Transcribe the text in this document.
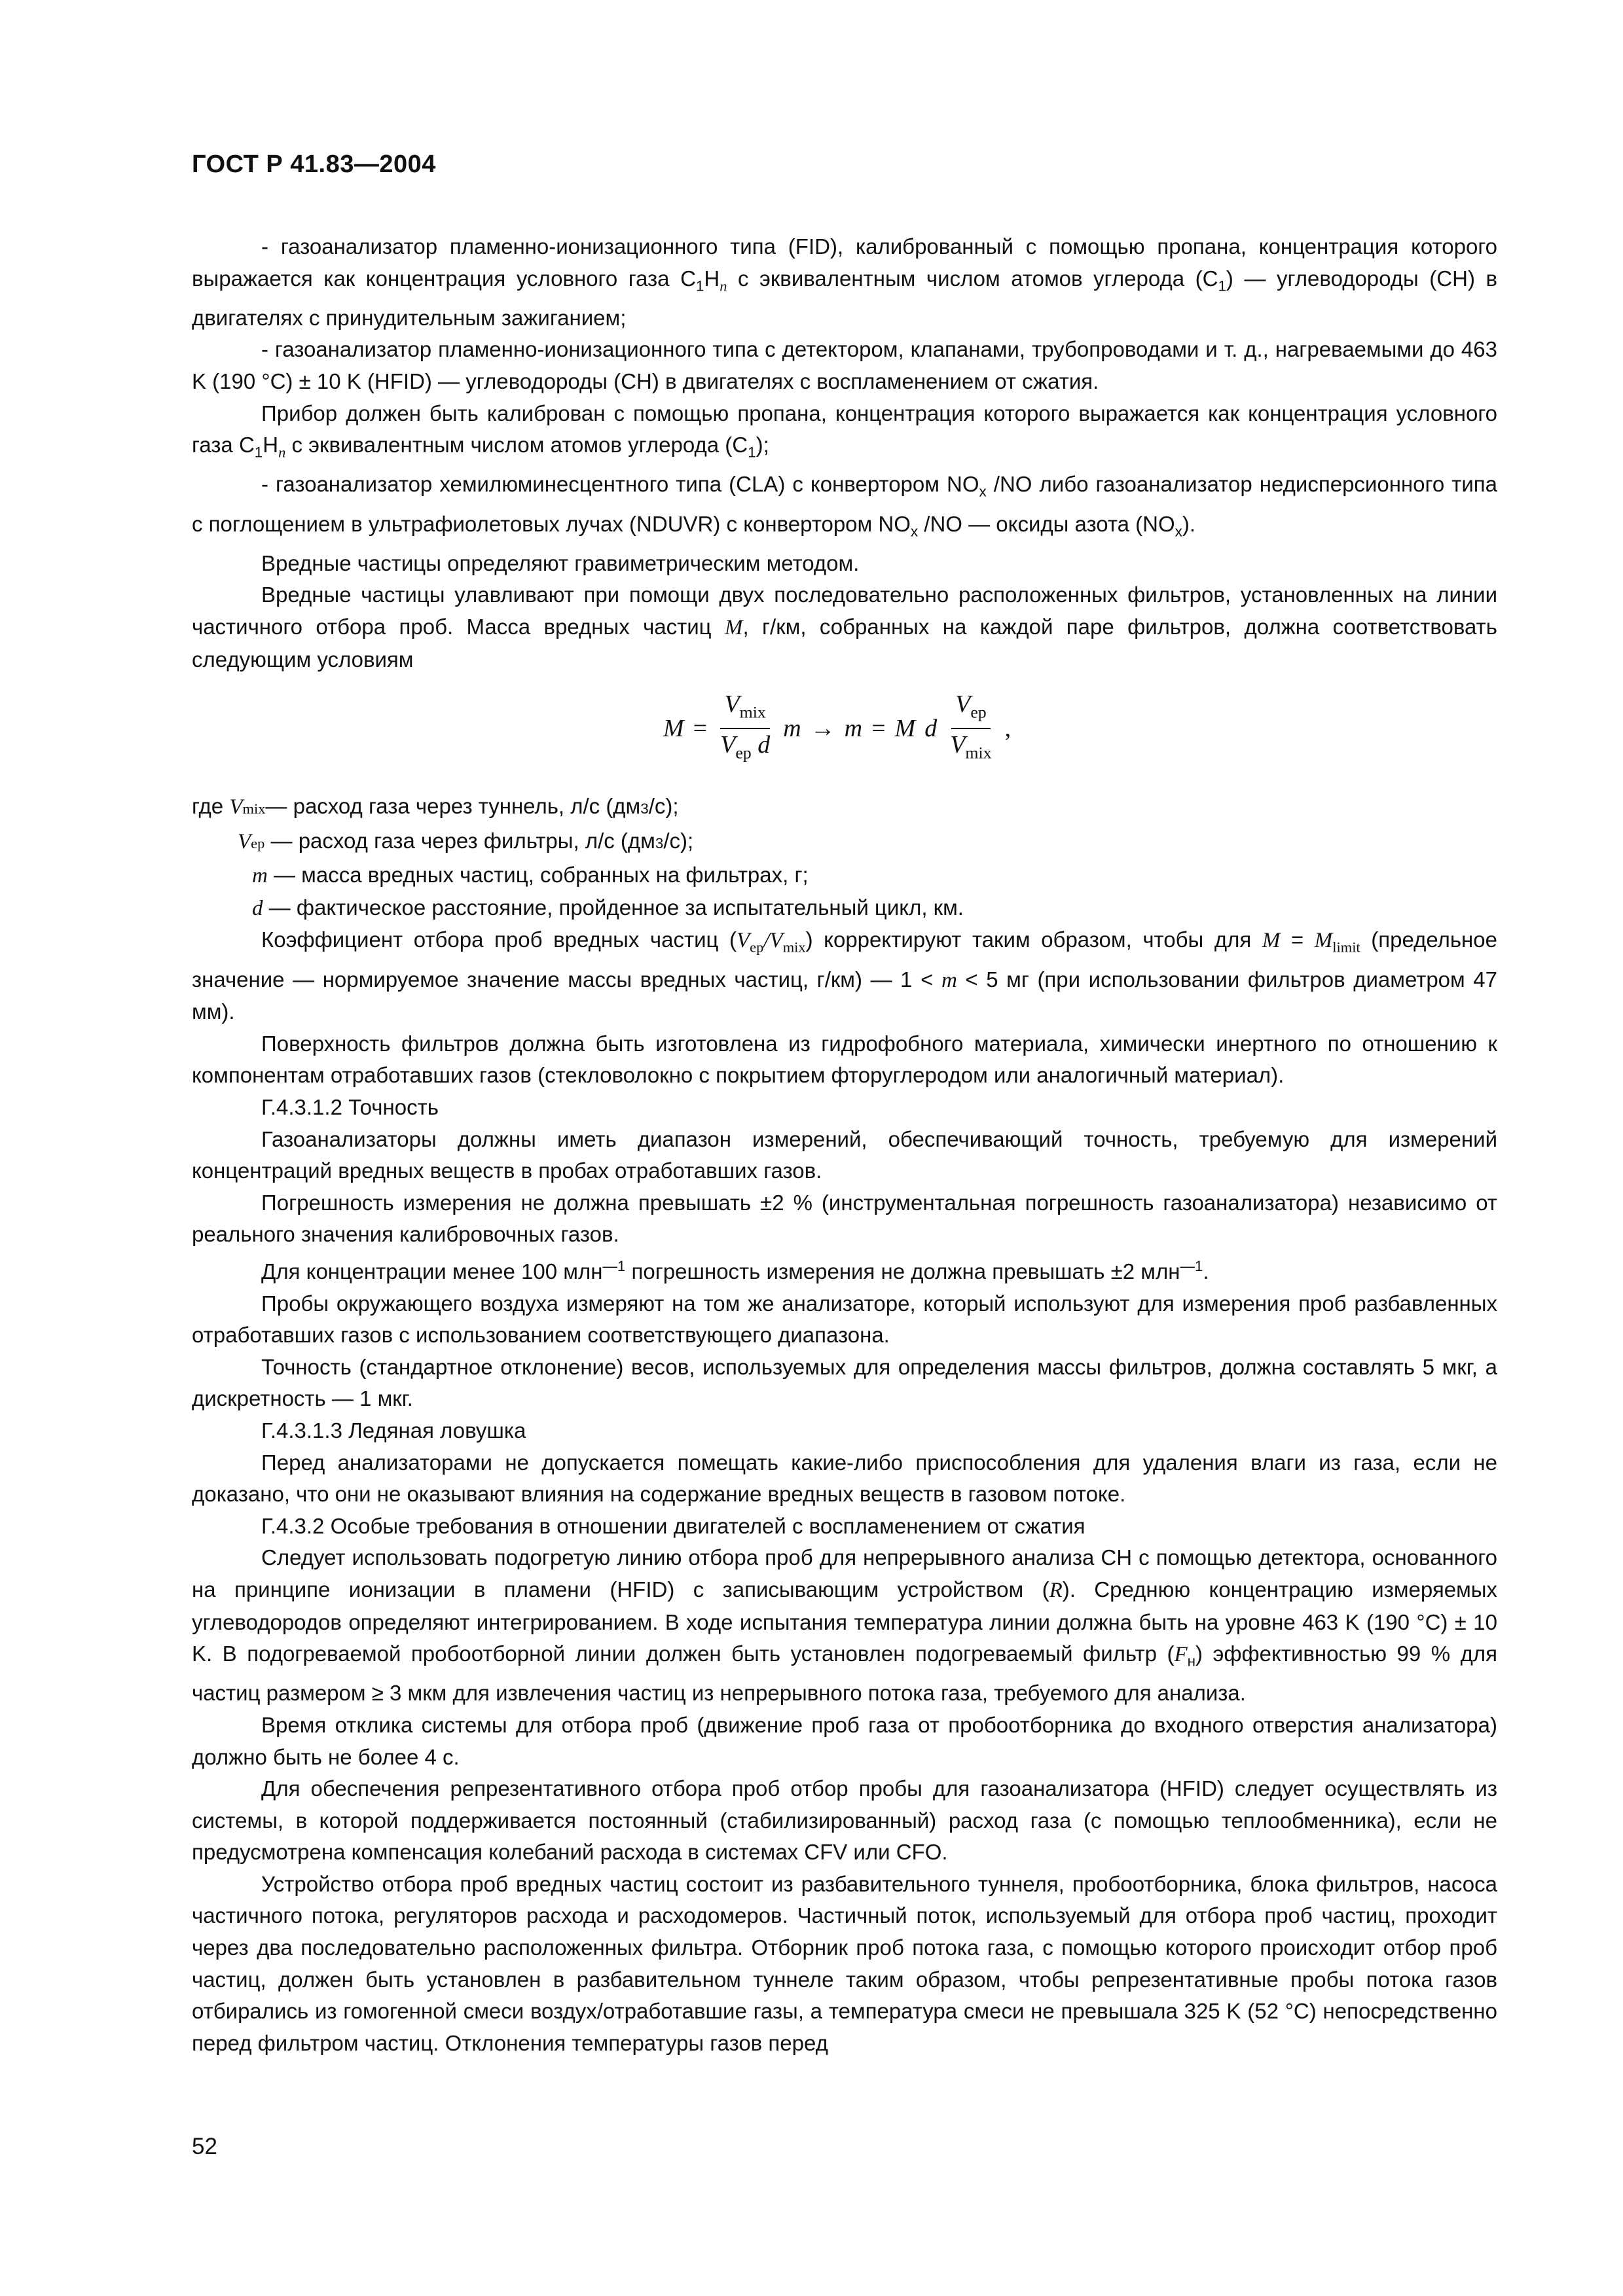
ГОСТ Р 41.83—2004

- газоанализатор пламенно-ионизационного типа (FID), калиброванный с помощью пропана, концентрация которого выражается как концентрация условного газа $C_1H_n$ с эквивалентным числом атомов углерода $(C_1)$ — углеводороды (CH) в двигателях с принудительным зажиганием;

- газоанализатор пламенно-ионизационного типа с детектором, клапанами, трубопроводами и т. д., нагреваемыми до 463 K (190 °C) ± 10 K (HFID) — углеводороды (CH) в двигателях с воспламенением от сжатия.

Прибор должен быть калиброван с помощью пропана, концентрация которого выражается как концентрация условного газа $C_1H_n$ с эквивалентным числом атомов углерода $(C_1)$;

- газоанализатор хемилюминесцентного типа (CLA) с конвертором $NO_x$ /NO либо газоанализатор недисперсионного типа с поглощением в ультрафиолетовых лучах (NDUVR) с конвертором $NO_x$ /NO — оксиды азота $(NO_x)$.

Вредные частицы определяют гравиметрическим методом.

Вредные частицы улавливают при помощи двух последовательно расположенных фильтров, установленных на линии частичного отбора проб. Масса вредных частиц M, г/км, собранных на каждой паре фильтров, должна соответствовать следующим условиям

$M = \frac{V_{mix}}{V_{ep} d}$ m → m = M d $\frac{V_{ep}}{V_{mix}}$ ,
где
V mix — расход газа через туннель, л/с (дм 3 /с);
V ep
— расход газа через фильтры, л/с (дм 3 /с);
m
— масса вредных частиц, собранных на фильтрах, г;
d
— фактическое расстояние, пройденное за испытательный цикл, км.

Коэффициент отбора проб вредных частиц $(V_{ep}/V_{mix})$ корректируют таким образом, чтобы для $M = M_{limit}$ (предельное значение — нормируемое значение массы вредных частиц, г/км) — 1 < m < 5 мг (при использовании фильтров диаметром 47 мм).

Поверхность фильтров должна быть изготовлена из гидрофобного материала, химически инертного по отношению к компонентам отработавших газов (стекловолокно с покрытием фторуглеродом или аналогичный материал).

Г.4.3.1.2 Точность

Газоанализаторы должны иметь диапазон измерений, обеспечивающий точность, требуемую для измерений концентраций вредных веществ в пробах отработавших газов.

Погрешность измерения не должна превышать ±2 % (инструментальная погрешность газоанализатора) независимо от реального значения калибровочных газов.

Для концентрации менее 100 млн$^{—1}$ погрешность измерения не должна превышать ±2 млн$^{—1}$.

Пробы окружающего воздуха измеряют на том же анализаторе, который используют для измерения проб разбавленных отработавших газов с использованием соответствующего диапазона.

Точность (стандартное отклонение) весов, используемых для определения массы фильтров, должна составлять 5 мкг, а дискретность — 1 мкг.

Г.4.3.1.3 Ледяная ловушка

Перед анализаторами не допускается помещать какие-либо приспособления для удаления влаги из газа, если не доказано, что они не оказывают влияния на содержание вредных веществ в газовом потоке.

Г.4.3.2 Особые требования в отношении двигателей с воспламенением от сжатия

Следует использовать подогретую линию отбора проб для непрерывного анализа CH с помощью детектора, основанного на принципе ионизации в пламени (HFID) с записывающим устройством (R). Среднюю концентрацию измеряемых углеводородов определяют интегрированием. В ходе испытания температура линии должна быть на уровне 463 K (190 °C) ± 10 K. В подогреваемой пробоотборной линии должен быть установлен подогреваемый фильтр $(F_н)$ эффективностью 99 % для частиц размером ≥ 3 мкм для извлечения частиц из непрерывного потока газа, требуемого для анализа.

Время отклика системы для отбора проб (движение проб газа от пробоотборника до входного отверстия анализатора) должно быть не более 4 с.

Для обеспечения репрезентативного отбора проб отбор пробы для газоанализатора (HFID) следует осуществлять из системы, в которой поддерживается постоянный (стабилизированный) расход газа (с помощью теплообменника), если не предусмотрена компенсация колебаний расхода в системах CFV или CFO.

Устройство отбора проб вредных частиц состоит из разбавительного туннеля, пробоотборника, блока фильтров, насоса частичного потока, регуляторов расхода и расходомеров. Частичный поток, используемый для отбора проб частиц, проходит через два последовательно расположенных фильтра. Отборник проб потока газа, с помощью которого происходит отбор проб частиц, должен быть установлен в разбавительном туннеле таким образом, чтобы репрезентативные пробы потока газов отбирались из гомогенной смеси воздух/отработавшие газы, а температура смеси не превышала 325 K (52 °C) непосредственно перед фильтром частиц. Отклонения температуры газов перед

52
